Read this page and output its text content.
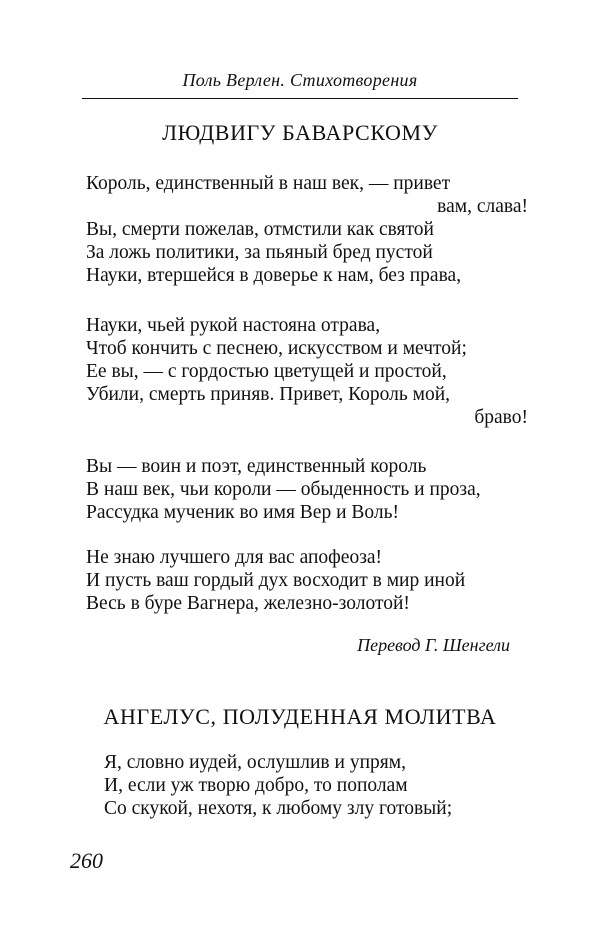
Поль Верлен. Стихотворения
ЛЮДВИГУ БАВАРСКОМУ
Король, единственный в наш век, — привет
вам, слава!
Вы, смерти пожелав, отмстили как святой
За ложь политики, за пьяный бред пустой
Науки, втершейся в доверье к нам, без права,
Науки, чьей рукой настояна отрава,
Чтоб кончить с песнею, искусством и мечтой;
Ее вы, — с гордостью цветущей и простой,
Убили, смерть приняв. Привет, Король мой,
браво!
Вы — воин и поэт, единственный король
В наш век, чьи короли — обыденность и проза,
Рассудка мученик во имя Вер и Воль!
Не знаю лучшего для вас апофеоза!
И пусть ваш гордый дух восходит в мир иной
Весь в буре Вагнера, железно-золотой!
Перевод Г. Шенгели
АНГЕЛУС, ПОЛУДЕННАЯ МОЛИТВА
Я, словно иудей, ослушлив и упрям,
И, если уж творю добро, то пополам
Со скукой, нехотя, к любому злу готовый;
260
